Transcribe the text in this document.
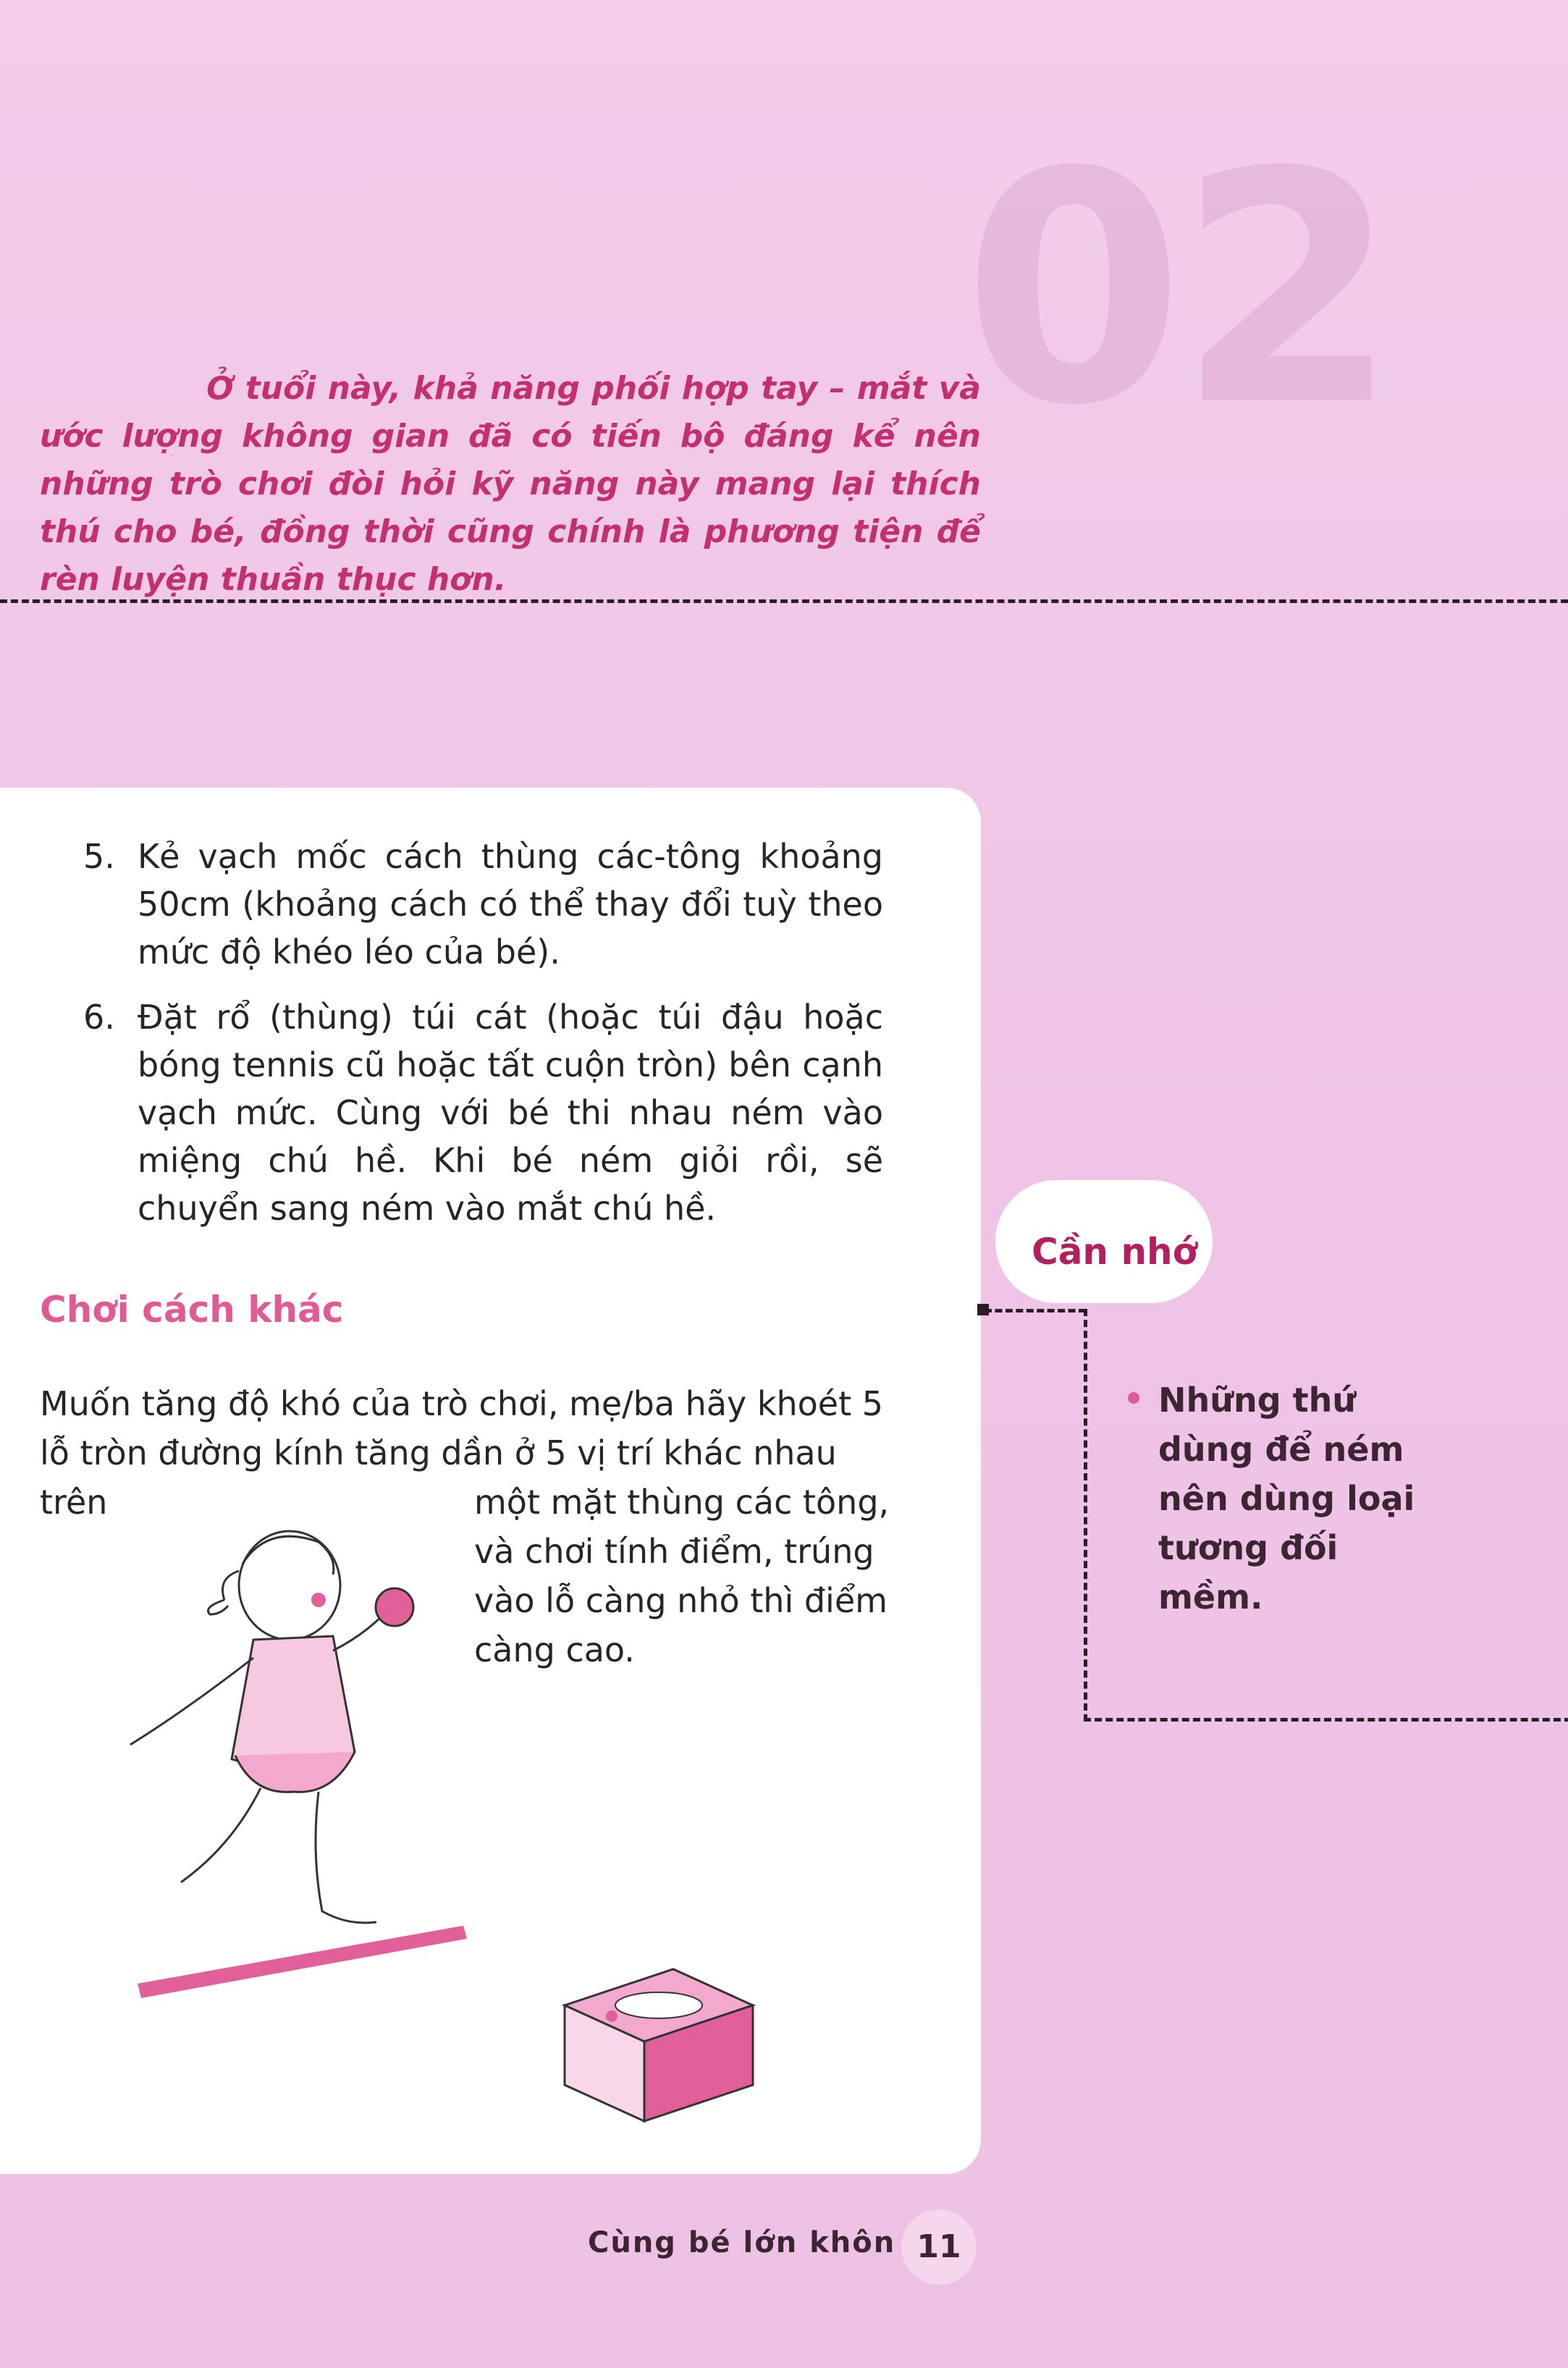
02

Ở tuổi này, khả năng phối hợp tay – mắt và ước lượng không gian đã có tiến bộ đáng kể nên những trò chơi đòi hỏi kỹ năng này mang lại thích thú cho bé, đồng thời cũng chính là phương tiện để rèn luyện thuần thục hơn.

5. Kẻ vạch mốc cách thùng các-tông khoảng 50cm (khoảng cách có thể thay đổi tuỳ theo mức độ khéo léo của bé).
6. Đặt rổ (thùng) túi cát (hoặc túi đậu hoặc bóng tennis cũ hoặc tất cuộn tròn) bên cạnh vạch mức. Cùng với bé thi nhau ném vào miệng chú hề. Khi bé ném giỏi rồi, sẽ chuyển sang ném vào mắt chú hề.
Chơi cách khác

Muốn tăng độ khó của trò chơi, mẹ/ba hãy khoét 5 lỗ tròn đường kính tăng dần ở 5 vị trí khác nhau trên	một mặt thùng các tông, và chơi tính điểm, trúng vào lỗ càng nhỏ thì điểm càng cao.

Cần nhớ

Những thứ dùng để ném nên dùng loại tương đối mềm.

Cùng bé lớn khôn 11
